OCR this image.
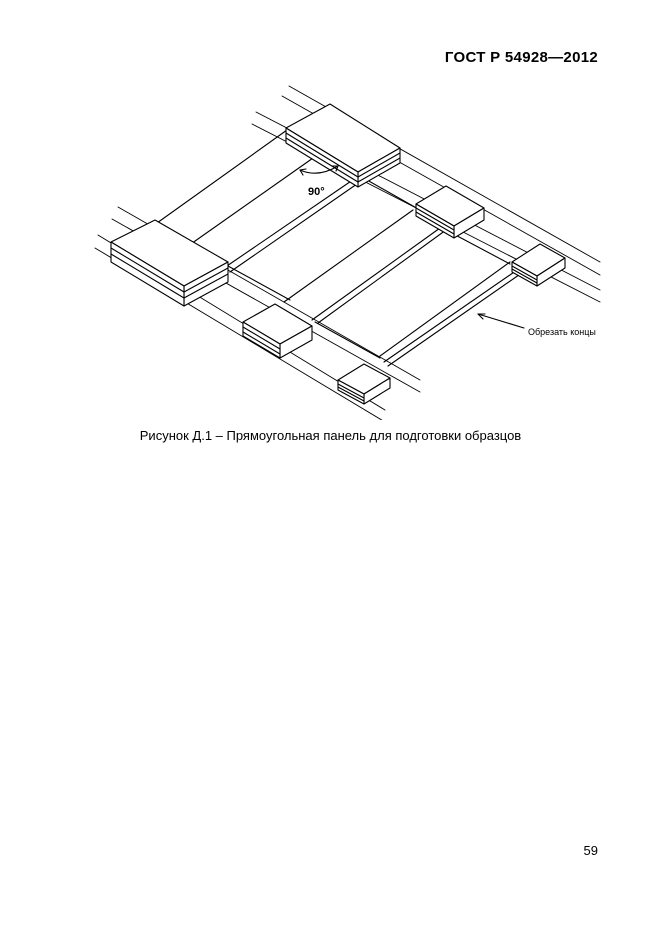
ГОСТ Р 54928—2012
90°
Обрезать концы
Рисунок Д.1 – Прямоугольная панель для подготовки образцов
59
